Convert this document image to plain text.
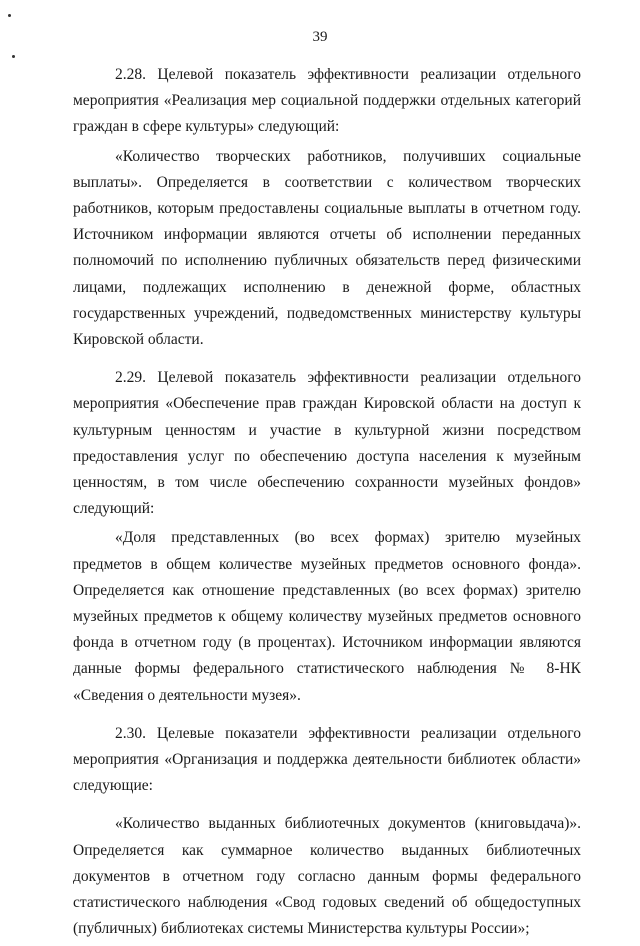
39

2.28. Целевой показатель эффективности реализации отдельного мероприятия «Реализация мер социальной поддержки отдельных категорий граждан в сфере культуры» следующий:

«Количество творческих работников, получивших социальные выплаты». Определяется в соответствии с количеством творческих работников, которым предоставлены социальные выплаты в отчетном году. Источником информации являются отчеты об исполнении переданных полномочий по исполнению публичных обязательств перед физическими лицами, подлежащих исполнению в денежной форме, областных государственных учреждений, подведомственных министерству культуры Кировской области.

2.29. Целевой показатель эффективности реализации отдельного мероприятия «Обеспечение прав граждан Кировской области на доступ к культурным ценностям и участие в культурной жизни посредством предоставления услуг по обеспечению доступа населения к музейным ценностям, в том числе обеспечению сохранности музейных фондов» следующий:

«Доля представленных (во всех формах) зрителю музейных предметов в общем количестве музейных предметов основного фонда». Определяется как отношение представленных (во всех формах) зрителю музейных предметов к общему количеству музейных предметов основного фонда в отчетном году (в процентах). Источником информации являются данные формы федерального статистического наблюдения № 8-НК «Сведения о деятельности музея».

2.30. Целевые показатели эффективности реализации отдельного мероприятия «Организация и поддержка деятельности библиотек области» следующие:

«Количество выданных библиотечных документов (книговыдача)». Определяется как суммарное количество выданных библиотечных документов в отчетном году согласно данным формы федерального статистического наблюдения «Свод годовых сведений об общедоступных (публичных) библиотеках системы Министерства культуры России»;
